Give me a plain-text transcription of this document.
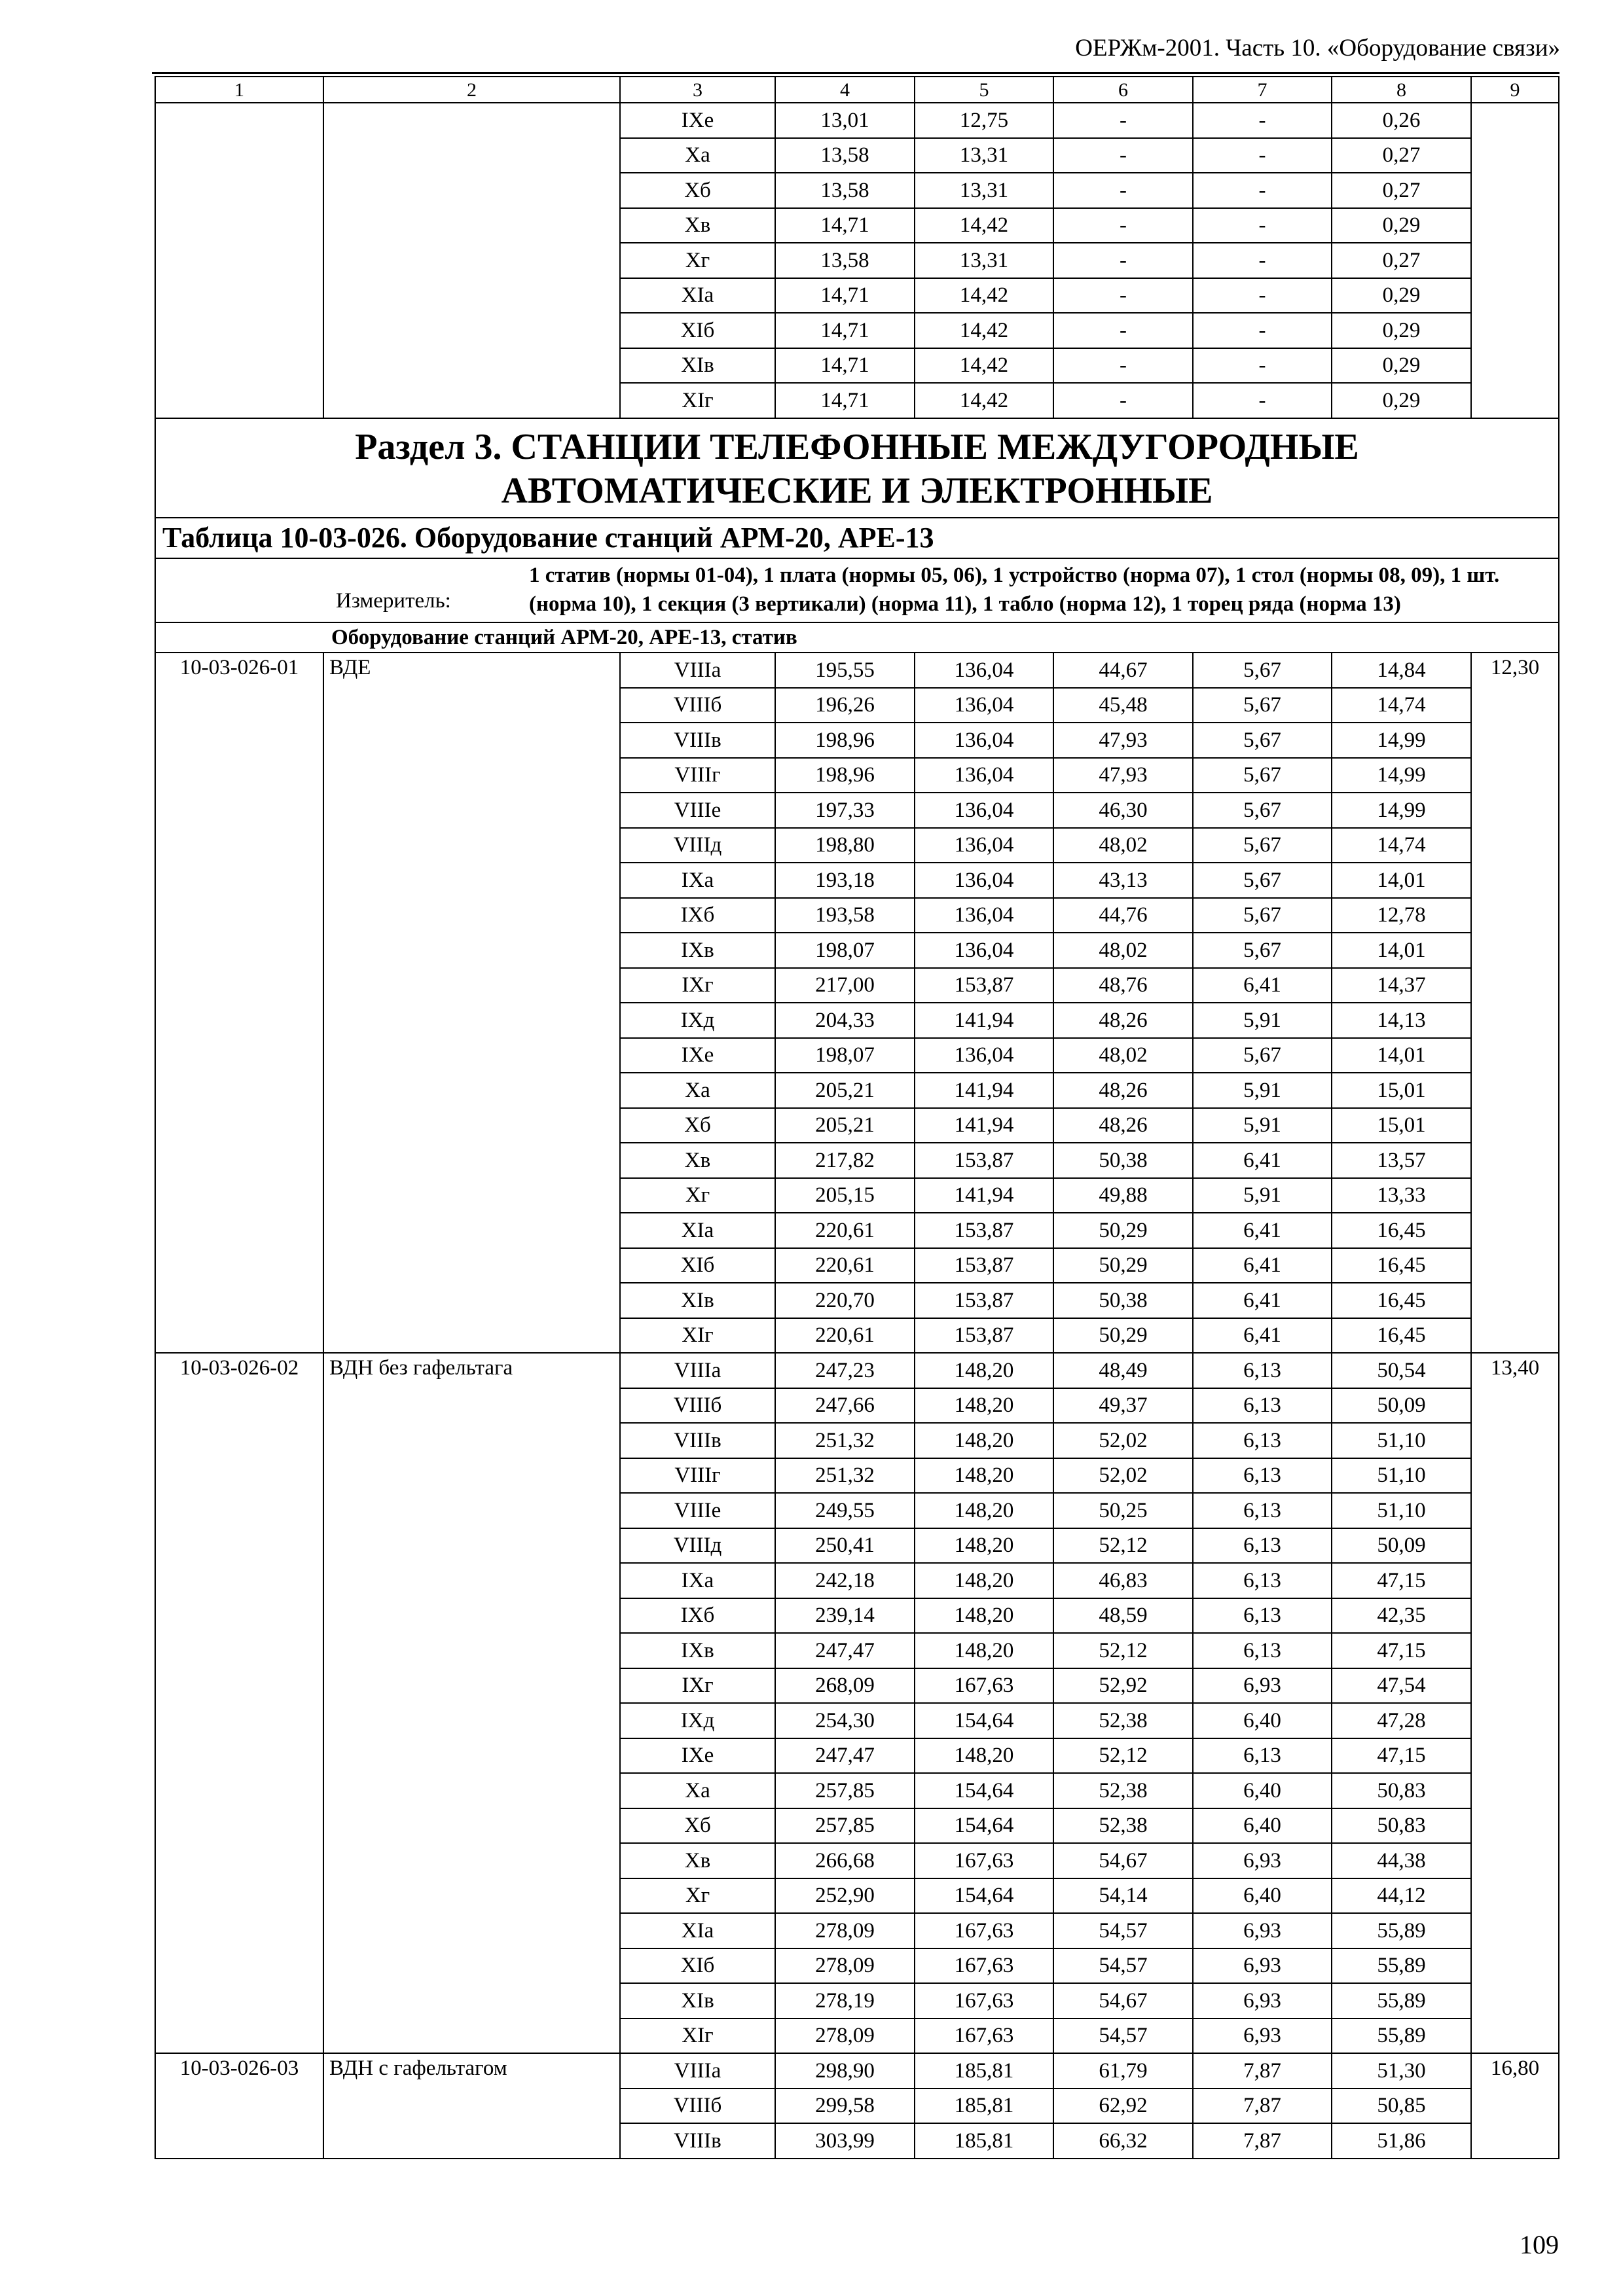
ОЕРЖм-2001. Часть 10. «Оборудование связи»
1	2	3	4	5	6	7	8	9
		IXе	13,01	12,75	-	-	0,26	
		Xа	13,58	13,31	-	-	0,27	
		Xб	13,58	13,31	-	-	0,27	
		Xв	14,71	14,42	-	-	0,29	
		Xг	13,58	13,31	-	-	0,27	
		XIа	14,71	14,42	-	-	0,29	
		XIб	14,71	14,42	-	-	0,29	
		XIв	14,71	14,42	-	-	0,29	
		XIг	14,71	14,42	-	-	0,29	

Раздел 3. СТАНЦИИ ТЕЛЕФОННЫЕ МЕЖДУГОРОДНЫЕ
АВТОМАТИЧЕСКИЕ И ЭЛЕКТРОННЫЕ								

Таблица 10-03-026. Оборудование станций АРМ-20, АРЕ-13								

Измеритель:
1 статив (нормы 01-04), 1 плата (нормы 05, 06), 1 устройство (норма 07), 1 стол (нормы 08, 09), 1 шт. (норма 10), 1 секция (3 вертикали) (норма 11), 1 табло (норма 12), 1 торец ряда (норма 13)								

Оборудование станций АРМ-20, АРЕ-13, статив								
10-03-026-01	ВДЕ	VIIIа	195,55	136,04	44,67	5,67	14,84	12,30
		VIIIб	196,26	136,04	45,48	5,67	14,74	
		VIIIв	198,96	136,04	47,93	5,67	14,99	
		VIIIг	198,96	136,04	47,93	5,67	14,99	
		VIIIе	197,33	136,04	46,30	5,67	14,99	
		VIIIд	198,80	136,04	48,02	5,67	14,74	
		IXа	193,18	136,04	43,13	5,67	14,01	
		IXб	193,58	136,04	44,76	5,67	12,78	
		IXв	198,07	136,04	48,02	5,67	14,01	
		IXг	217,00	153,87	48,76	6,41	14,37	
		IXд	204,33	141,94	48,26	5,91	14,13	
		IXе	198,07	136,04	48,02	5,67	14,01	
		Xа	205,21	141,94	48,26	5,91	15,01	
		Xб	205,21	141,94	48,26	5,91	15,01	
		Xв	217,82	153,87	50,38	6,41	13,57	
		Xг	205,15	141,94	49,88	5,91	13,33	
		XIа	220,61	153,87	50,29	6,41	16,45	
		XIб	220,61	153,87	50,29	6,41	16,45	
		XIв	220,70	153,87	50,38	6,41	16,45	
		XIг	220,61	153,87	50,29	6,41	16,45	
10-03-026-02	ВДН без гафельтага	VIIIа	247,23	148,20	48,49	6,13	50,54	13,40
		VIIIб	247,66	148,20	49,37	6,13	50,09	
		VIIIв	251,32	148,20	52,02	6,13	51,10	
		VIIIг	251,32	148,20	52,02	6,13	51,10	
		VIIIе	249,55	148,20	50,25	6,13	51,10	
		VIIIд	250,41	148,20	52,12	6,13	50,09	
		IXа	242,18	148,20	46,83	6,13	47,15	
		IXб	239,14	148,20	48,59	6,13	42,35	
		IXв	247,47	148,20	52,12	6,13	47,15	
		IXг	268,09	167,63	52,92	6,93	47,54	
		IXд	254,30	154,64	52,38	6,40	47,28	
		IXе	247,47	148,20	52,12	6,13	47,15	
		Xа	257,85	154,64	52,38	6,40	50,83	
		Xб	257,85	154,64	52,38	6,40	50,83	
		Xв	266,68	167,63	54,67	6,93	44,38	
		Xг	252,90	154,64	54,14	6,40	44,12	
		XIа	278,09	167,63	54,57	6,93	55,89	
		XIб	278,09	167,63	54,57	6,93	55,89	
		XIв	278,19	167,63	54,67	6,93	55,89	
		XIг	278,09	167,63	54,57	6,93	55,89	
10-03-026-03	ВДН с гафельтагом	VIIIа	298,90	185,81	61,79	7,87	51,30	16,80
		VIIIб	299,58	185,81	62,92	7,87	50,85	
		VIIIв	303,99	185,81	66,32	7,87	51,86	
109
